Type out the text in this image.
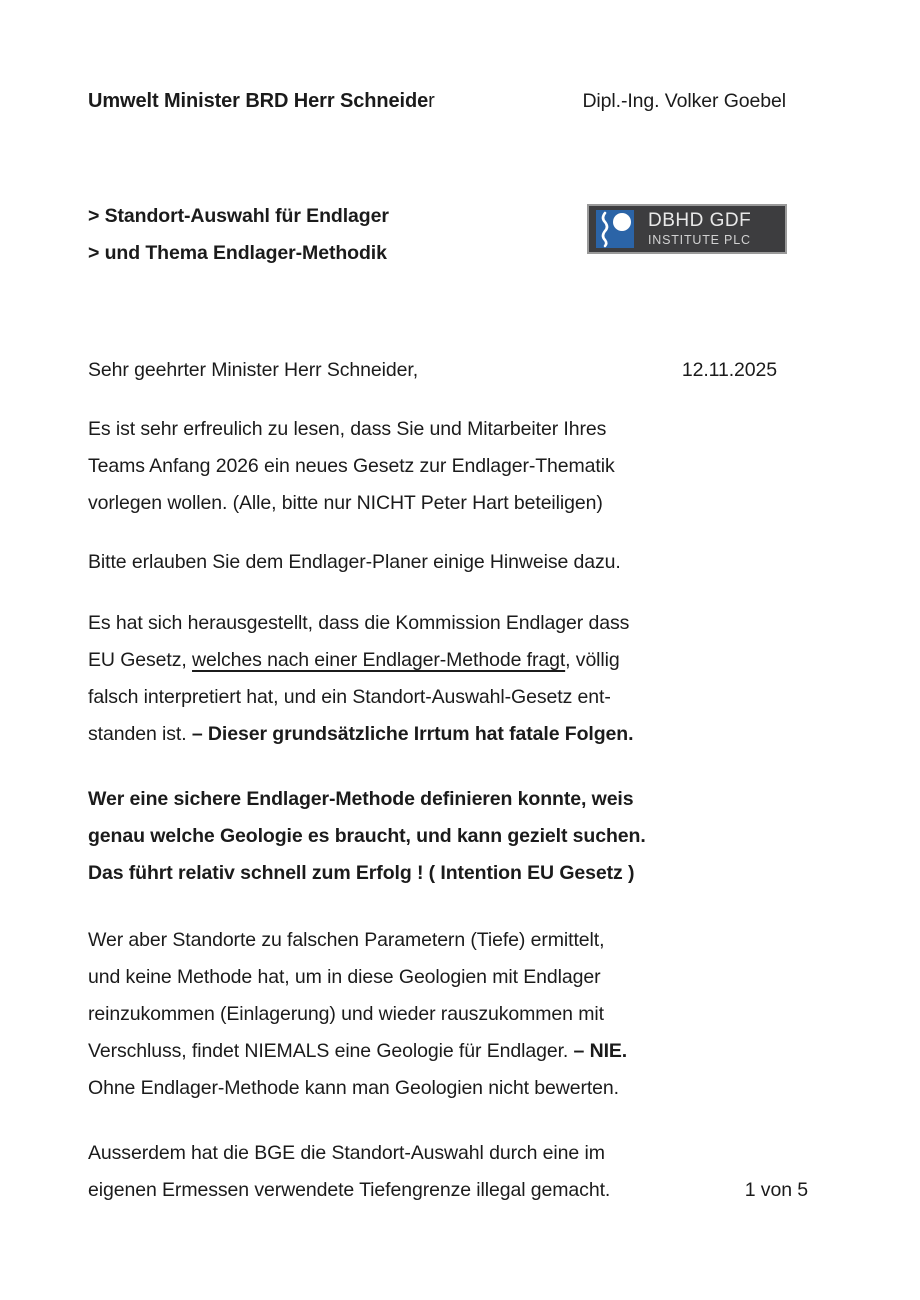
Umwelt Minister BRD Herr Schneider	Dipl.-Ing. Volker Goebel
> Standort-Auswahl für Endlager
> und Thema Endlager-Methodik
DBHD GDF
INSTITUTE PLC
Sehr geehrter Minister Herr Schneider,	12.11.2025
Es ist sehr erfreulich zu lesen, dass Sie und Mitarbeiter Ihres
Teams Anfang 2026 ein neues Gesetz zur Endlager-Thematik
vorlegen wollen. (Alle, bitte nur NICHT Peter Hart beteiligen)
Bitte erlauben Sie dem Endlager-Planer einige Hinweise dazu.
Es hat sich herausgestellt, dass die Kommission Endlager dass
EU Gesetz, welches nach einer Endlager-Methode fragt, völlig
falsch interpretiert hat, und ein Standort-Auswahl-Gesetz ent-
standen ist. – Dieser grundsätzliche Irrtum hat fatale Folgen.
Wer eine sichere Endlager-Methode definieren konnte, weis
genau welche Geologie es braucht, und kann gezielt suchen.
Das führt relativ schnell zum Erfolg ! ( Intention EU Gesetz )
Wer aber Standorte zu falschen Parametern (Tiefe) ermittelt,
und keine Methode hat, um in diese Geologien mit Endlager
reinzukommen (Einlagerung) und wieder rauszukommen mit
Verschluss, findet NIEMALS eine Geologie für Endlager. – NIE.
Ohne Endlager-Methode kann man Geologien nicht bewerten.
Ausserdem hat die BGE die Standort-Auswahl durch eine im
eigenen Ermessen verwendete Tiefengrenze illegal gemacht.	1 von 5
